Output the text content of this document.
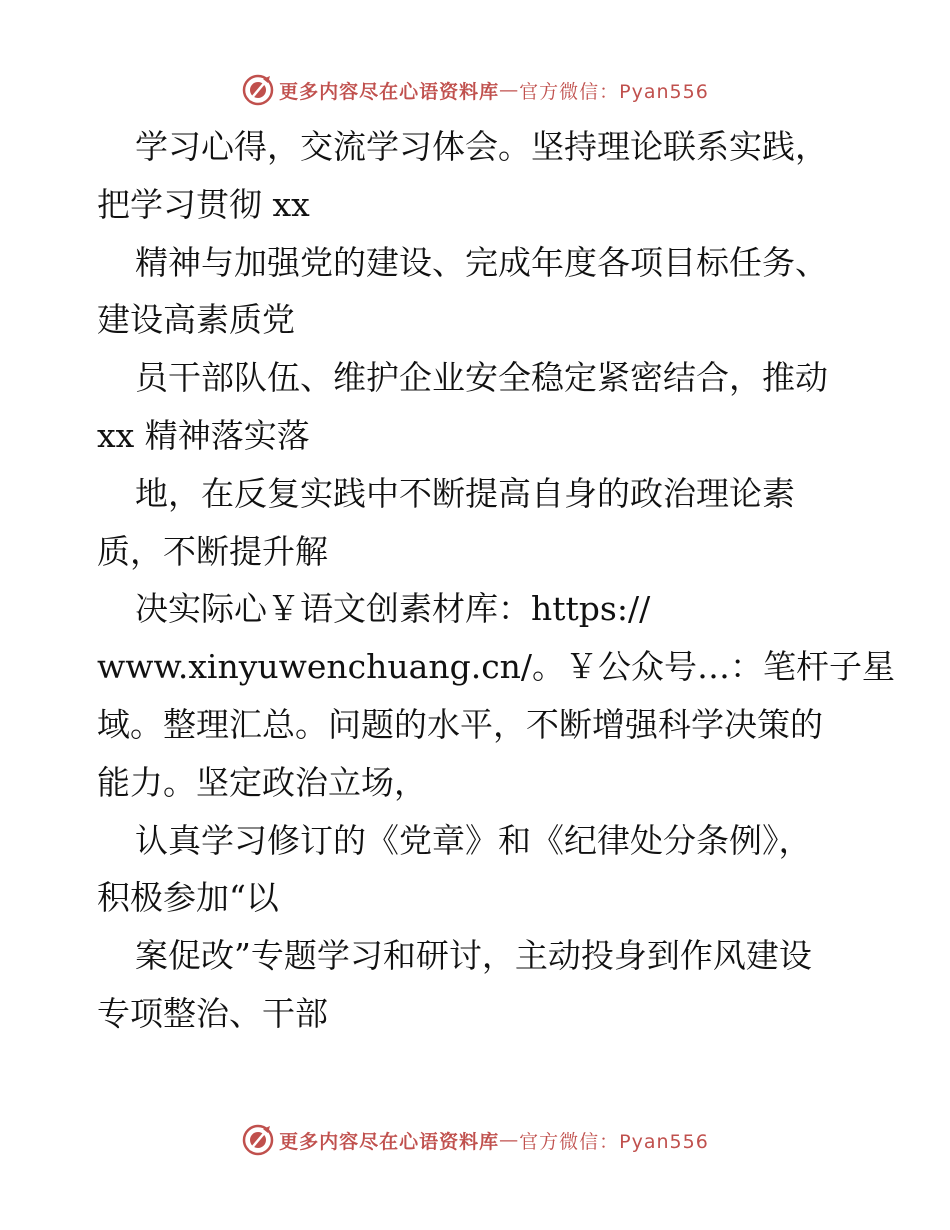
更多内容尽在心语资料库 — 官方微信：Pyan556
学习心得，交流学习体会。坚持理论联系实践，
把学习贯彻 xx
精神与加强党的建设、完成年度各项目标任务、
建设高素质党
员干部队伍、维护企业安全稳定紧密结合，推动
xx 精神落实落
地，在反复实践中不断提高自身的政治理论素
质，不断提升解
决实际心￥语文创素材库：https://
www.xinyuwenchuang.cn/。￥公众号…：笔杆子星
域。整理汇总。问题的水平，不断增强科学决策的
能力。坚定政治立场，
认真学习修订的《党章》和《纪律处分条例》，
积极参加“以
案促改”专题学习和研讨，主动投身到作风建设
专项整治、干部
更多内容尽在心语资料库 — 官方微信：Pyan556
